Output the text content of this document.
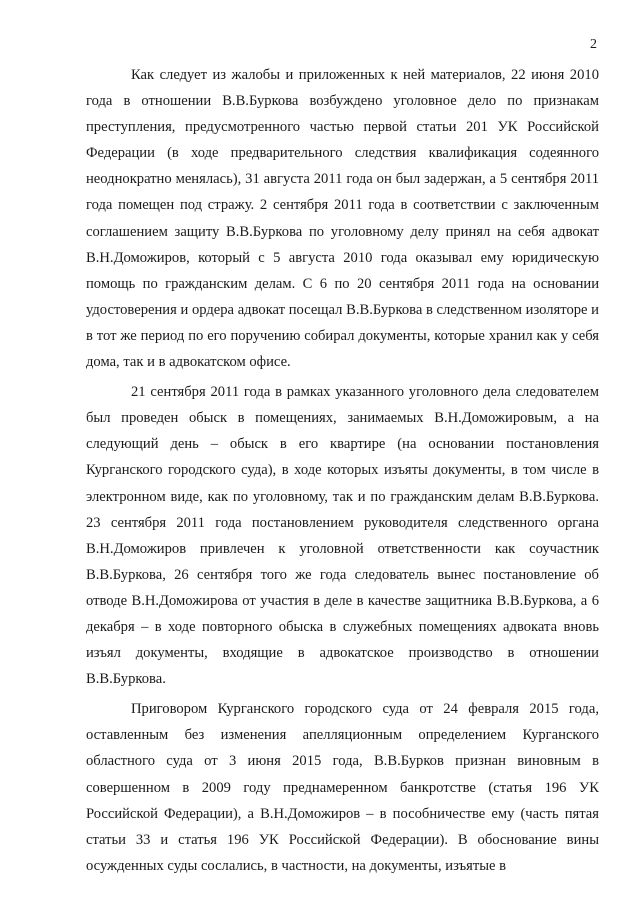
2

Как следует из жалобы и приложенных к ней материалов, 22 июня 2010 года в отношении В.В.Буркова возбуждено уголовное дело по признакам преступления, предусмотренного частью первой статьи 201 УК Российской Федерации (в ходе предварительного следствия квалификация содеянного неоднократно менялась), 31 августа 2011 года он был задержан, а 5 сентября 2011 года помещен под стражу. 2 сентября 2011 года в соответствии с заключенным соглашением защиту В.В.Буркова по уголовному делу принял на себя адвокат В.Н.Доможиров, который с 5 августа 2010 года оказывал ему юридическую помощь по гражданским делам. С 6 по 20 сентября 2011 года на основании удостоверения и ордера адвокат посещал В.В.Буркова в следственном изоляторе и в тот же период по его поручению собирал документы, которые хранил как у себя дома, так и в адвокатском офисе.

21 сентября 2011 года в рамках указанного уголовного дела следователем был проведен обыск в помещениях, занимаемых В.Н.Доможировым, а на следующий день – обыск в его квартире (на основании постановления Курганского городского суда), в ходе которых изъяты документы, в том числе в электронном виде, как по уголовному, так и по гражданским делам В.В.Буркова. 23 сентября 2011 года постановлением руководителя следственного органа В.Н.Доможиров привлечен к уголовной ответственности как соучастник В.В.Буркова, 26 сентября того же года следователь вынес постановление об отводе В.Н.Доможирова от участия в деле в качестве защитника В.В.Буркова, а 6 декабря – в ходе повторного обыска в служебных помещениях адвоката вновь изъял документы, входящие в адвокатское производство в отношении В.В.Буркова.

Приговором Курганского городского суда от 24 февраля 2015 года, оставленным без изменения апелляционным определением Курганского областного суда от 3 июня 2015 года, В.В.Бурков признан виновным в совершенном в 2009 году преднамеренном банкротстве (статья 196 УК Российской Федерации), а В.Н.Доможиров – в пособничестве ему (часть пятая статьи 33 и статья 196 УК Российской Федерации). В обоснование вины осужденных суды сослались, в частности, на документы, изъятые в
